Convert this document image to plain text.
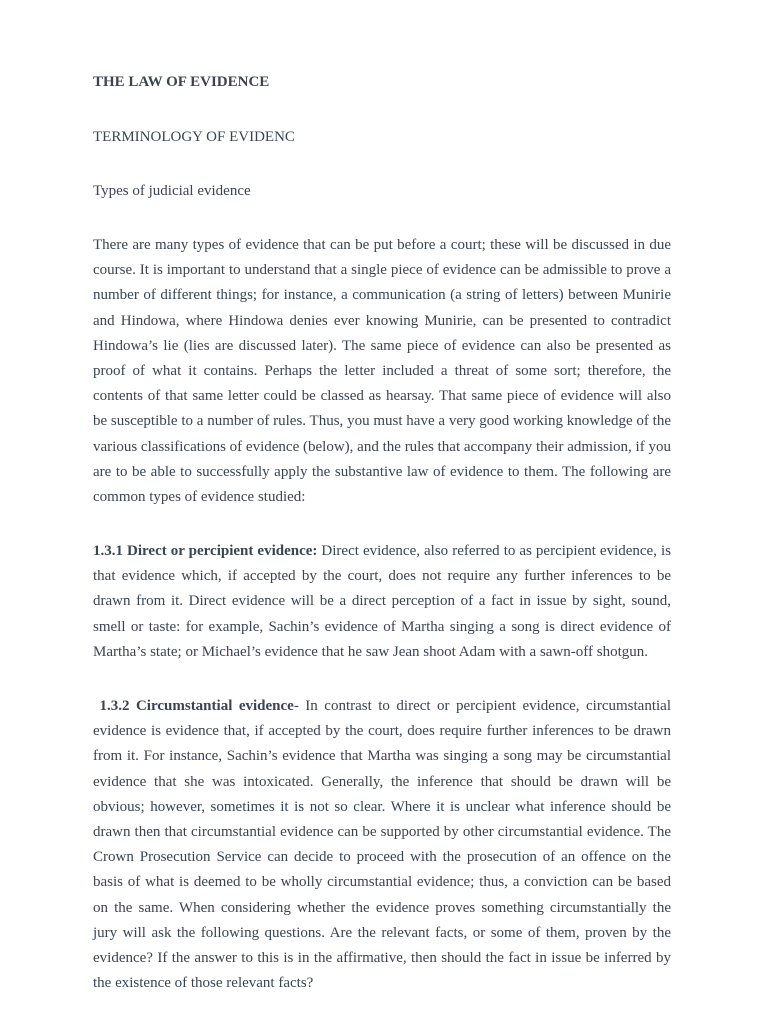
THE LAW OF EVIDENCE
TERMINOLOGY OF EVIDENC
Types of judicial evidence

There are many types of evidence that can be put before a court; these will be discussed in due course. It is important to understand that a single piece of evidence can be admissible to prove a number of different things; for instance, a communication (a string of letters) between Munirie and Hindowa, where Hindowa denies ever knowing Munirie, can be presented to contradict Hindowa’s lie (lies are discussed later). The same piece of evidence can also be presented as proof of what it contains. Perhaps the letter included a threat of some sort; therefore, the contents of that same letter could be classed as hearsay. That same piece of evidence will also be susceptible to a number of rules. Thus, you must have a very good working knowledge of the various classifications of evidence (below), and the rules that accompany their admission, if you are to be able to successfully apply the substantive law of evidence to them. The following are common types of evidence studied:

1.3.1 Direct or percipient evidence: Direct evidence, also referred to as percipient evidence, is that evidence which, if accepted by the court, does not require any further inferences to be drawn from it. Direct evidence will be a direct perception of a fact in issue by sight, sound, smell or taste: for example, Sachin’s evidence of Martha singing a song is direct evidence of Martha’s state; or Michael’s evidence that he saw Jean shoot Adam with a sawn-off shotgun.

1.3.2 Circumstantial evidence- In contrast to direct or percipient evidence, circumstantial evidence is evidence that, if accepted by the court, does require further inferences to be drawn from it. For instance, Sachin’s evidence that Martha was singing a song may be circumstantial evidence that she was intoxicated. Generally, the inference that should be drawn will be obvious; however, sometimes it is not so clear. Where it is unclear what inference should be drawn then that circumstantial evidence can be supported by other circumstantial evidence. The Crown Prosecution Service can decide to proceed with the prosecution of an offence on the basis of what is deemed to be wholly circumstantial evidence; thus, a conviction can be based on the same. When considering whether the evidence proves something circumstantially the jury will ask the following questions. Are the relevant facts, or some of them, proven by the evidence? If the answer to this is in the affirmative, then should the fact in issue be inferred by the existence of those relevant facts?
